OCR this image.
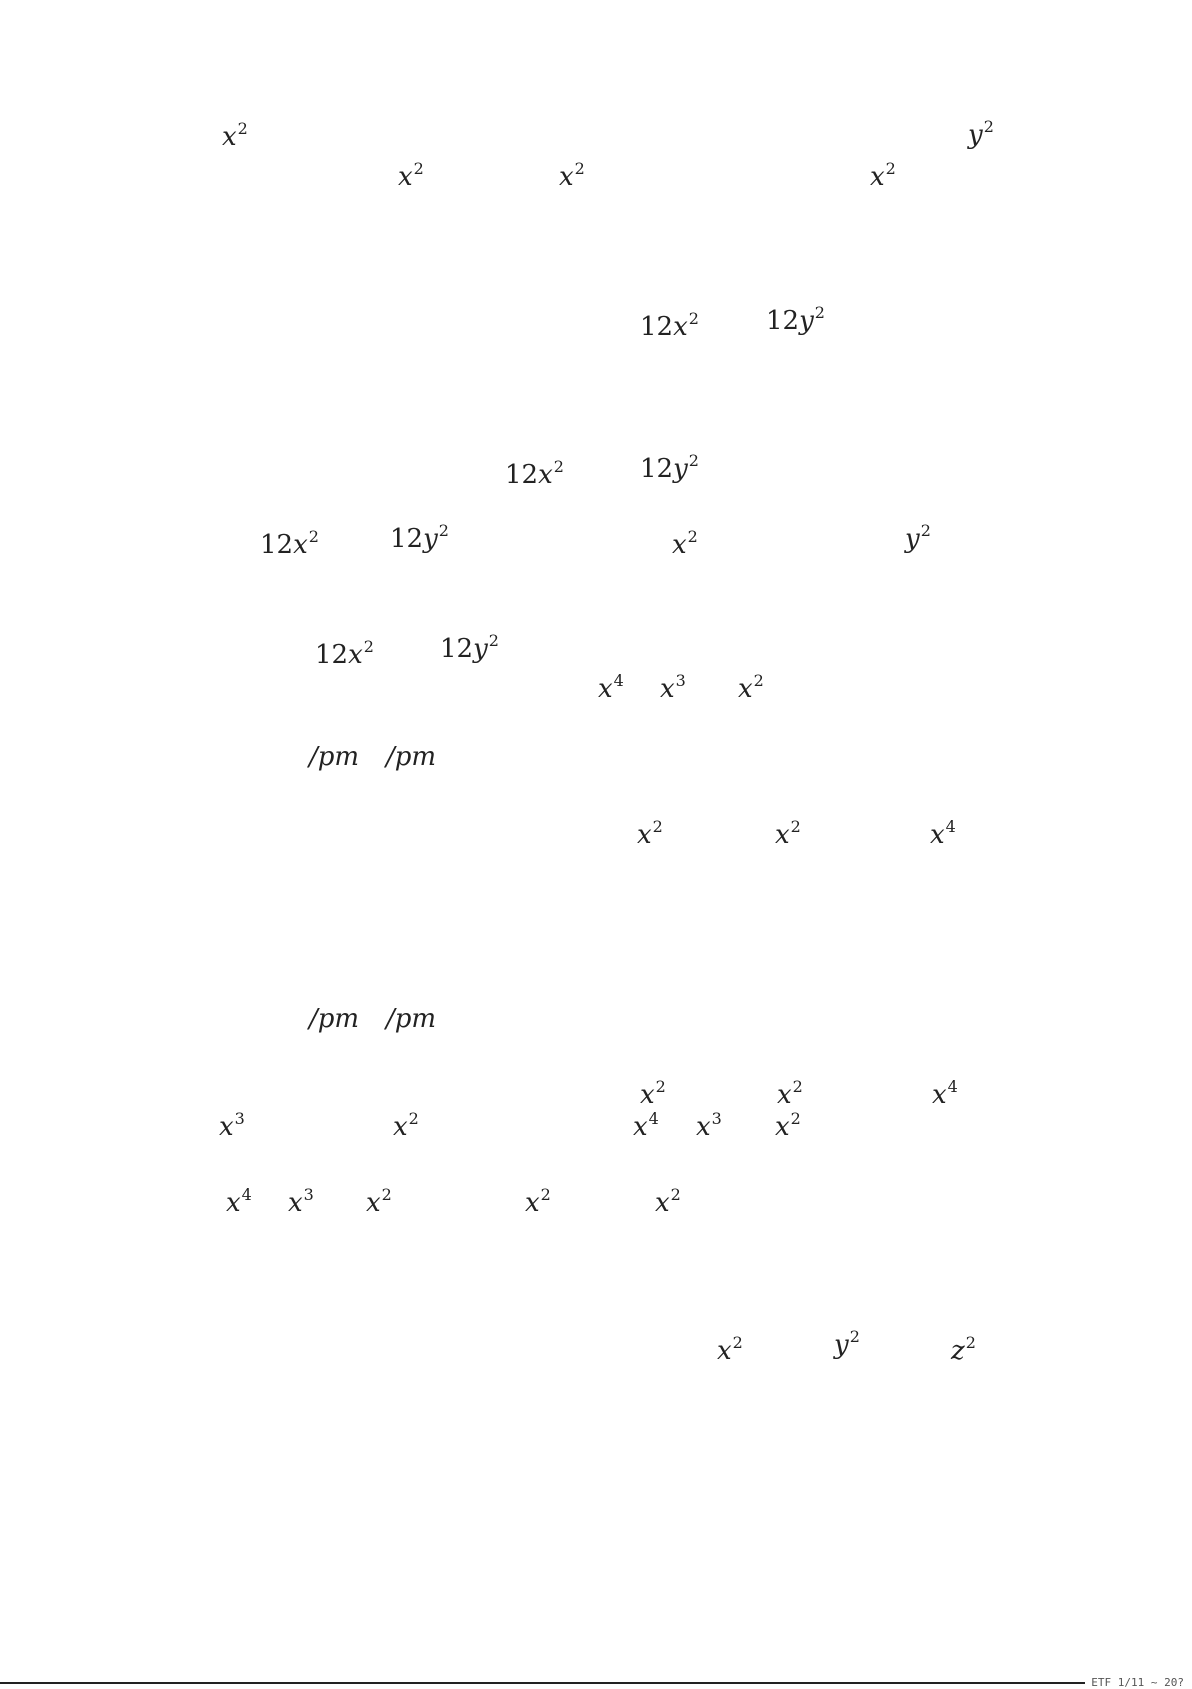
$x^2$	$y^2$
$x^2$	$x^2$	$x^2$
$12x^2$	$12y^2$
$12x^2$	$12y^2$
$12x^2$	$12y^2$	$x^2$	$y^2$
$12x^2$	$12y^2$
$x^4$ $x^3$ $x^2$
/pm /pm
$x^2$	$x^2$	$x^4$
/pm /pm
$x^2$	$x^2$	$x^4$
$x^3$	$x^2$	$x^4$ $x^3$ $x^2$
$x^4$ $x^3$ $x^2$	$x^2$	$x^2$
$x^2$	$y^2$	$z^2$
ETF 1/11 ~ 20?
